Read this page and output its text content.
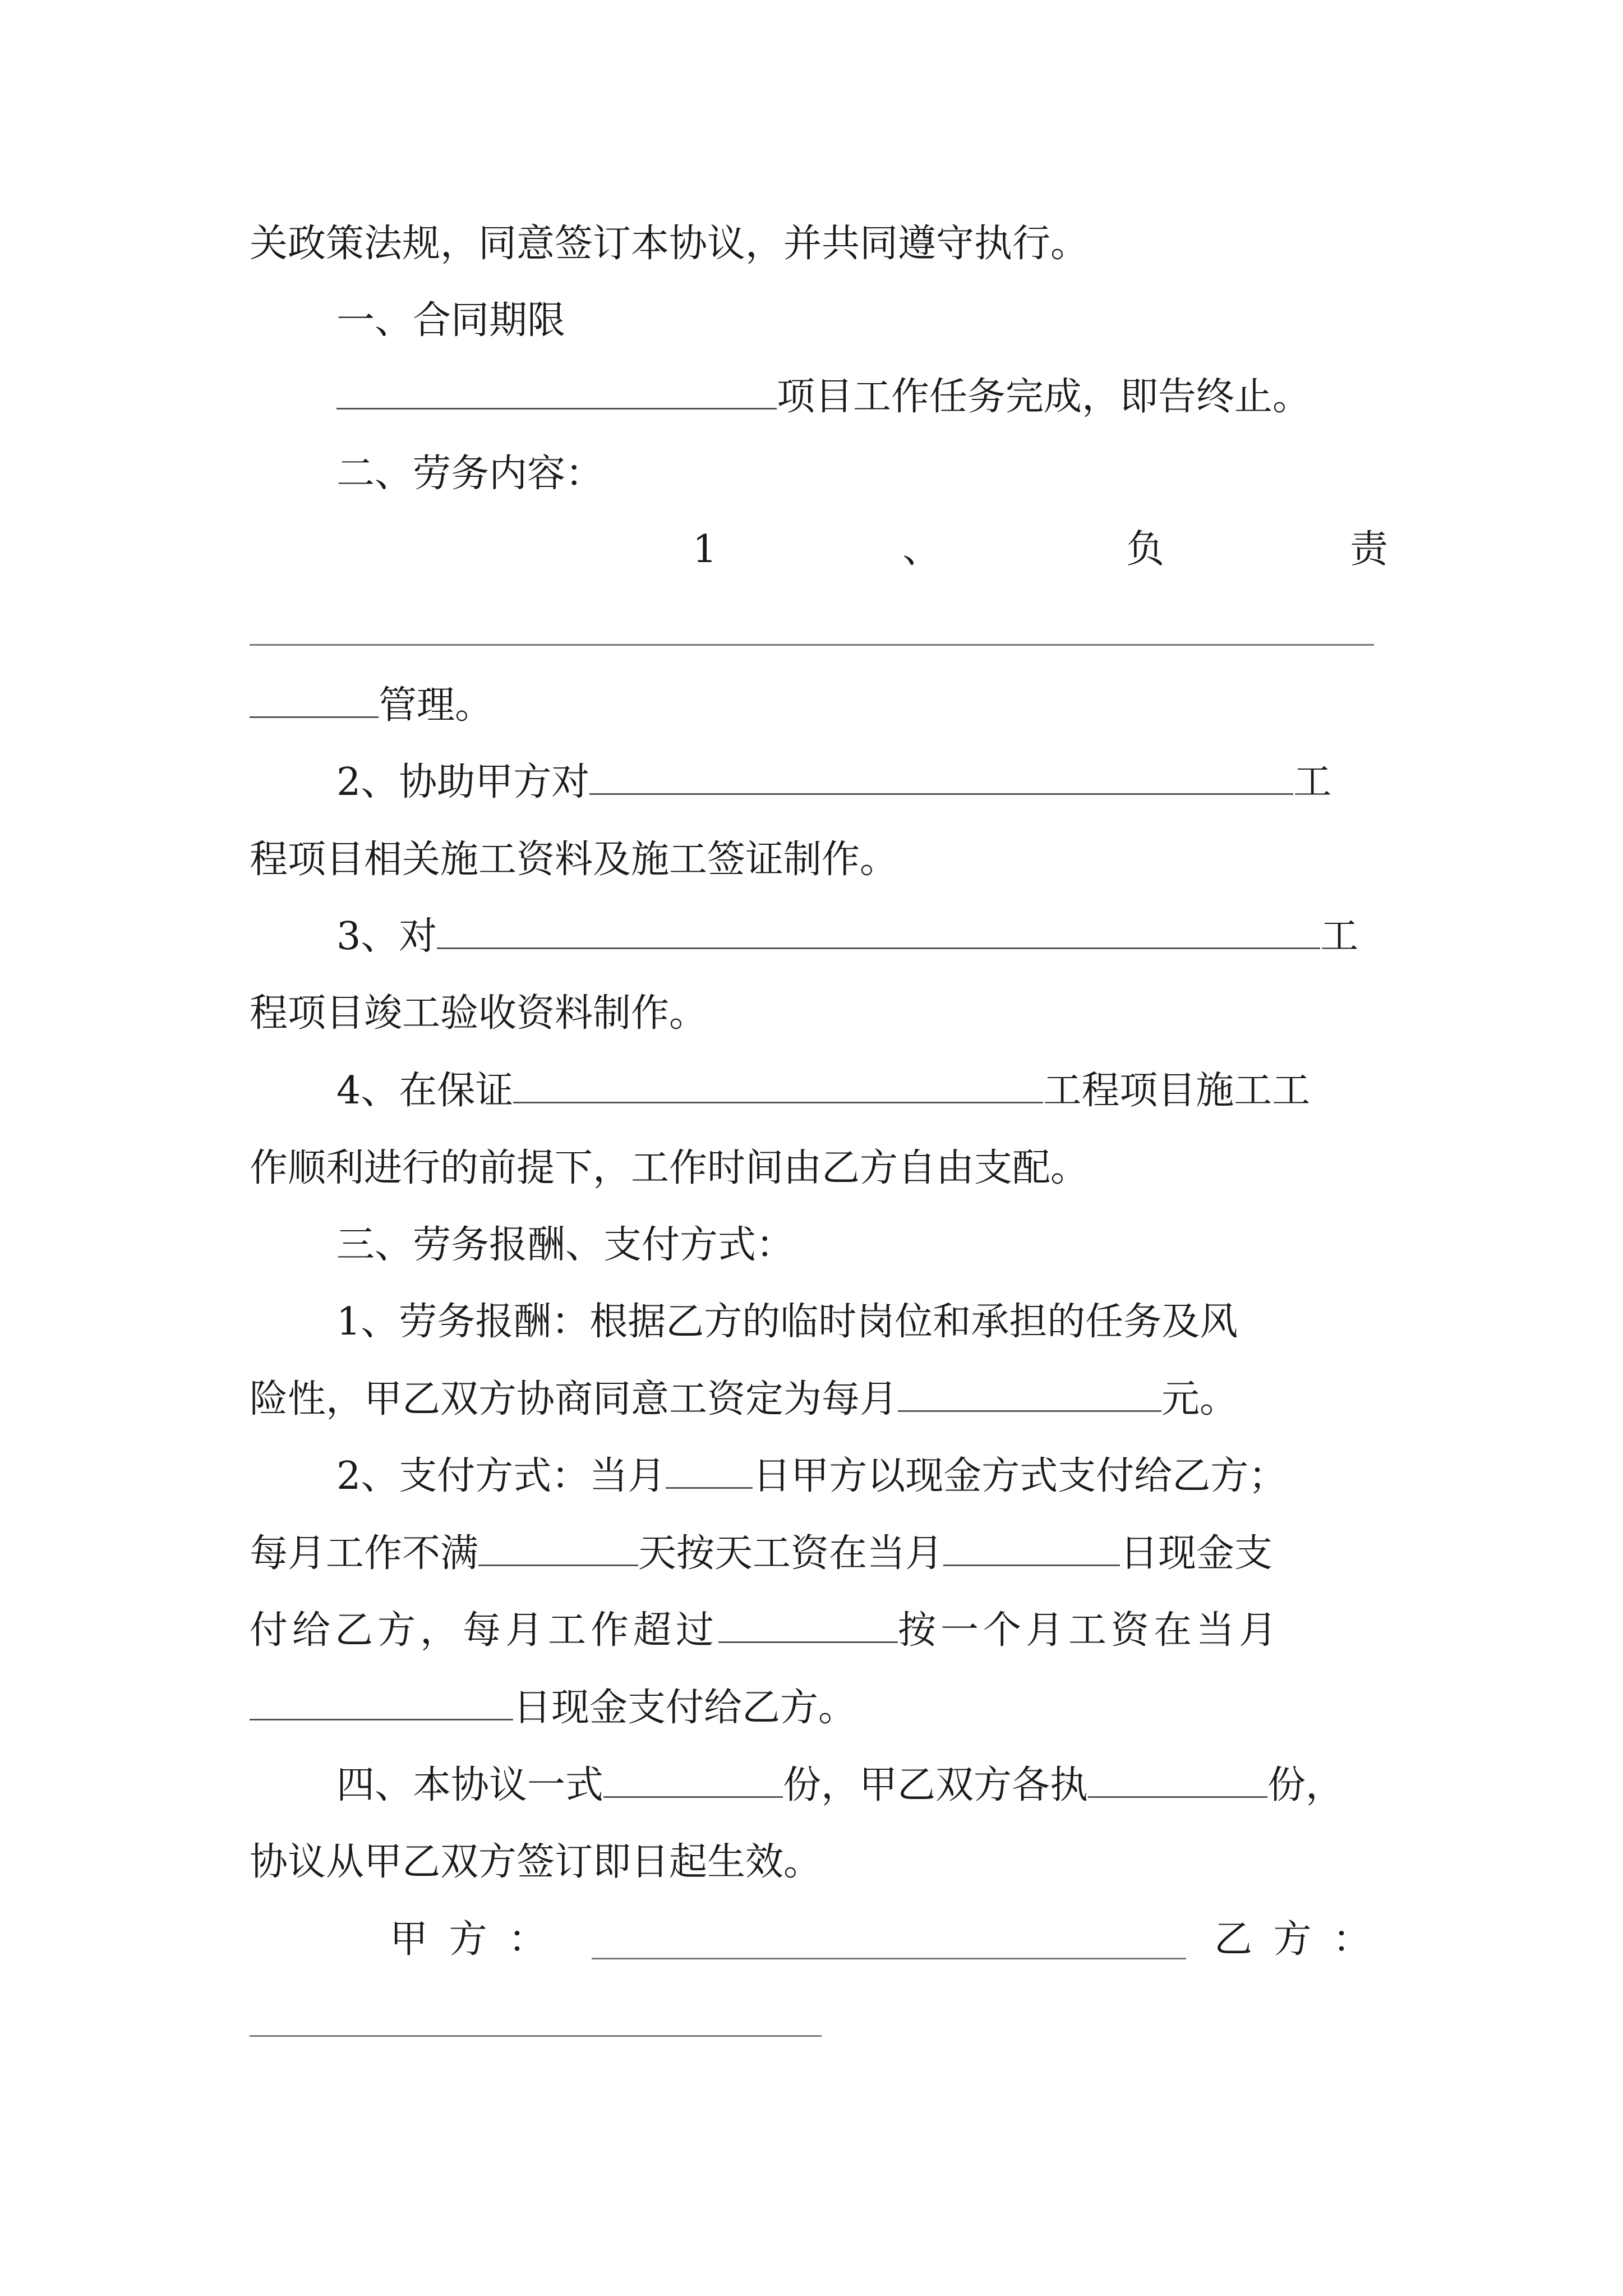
关政策法规，同意签订本协议，并共同遵守执行。
一、合同期限
项目工作任务完成，即告终止。
二、劳务内容：
1	、	负	责
管理。
2、协助甲方对	工
程项目相关施工资料及施工签证制作。
3、对	工
程项目竣工验收资料制作。
4、在保证	工程项目施工工
作顺利进行的前提下，工作时间由乙方自由支配。
三、劳务报酬、支付方式：
1、劳务报酬：根据乙方的临时岗位和承担的任务及风
险性，甲乙双方协商同意工资定为每月	元。
2、支付方式：当月 日甲方以现金方式支付给乙方；
每月工作不满	天按天工资在当月	日现金支
付给乙方，每月工作超过	按一个月工资在当月
日现金支付给乙方。
四、本协议一式	份，甲乙双方各执	份，
协议从甲乙双方签订即日起生效。
甲 方 ：	乙 方 ：
